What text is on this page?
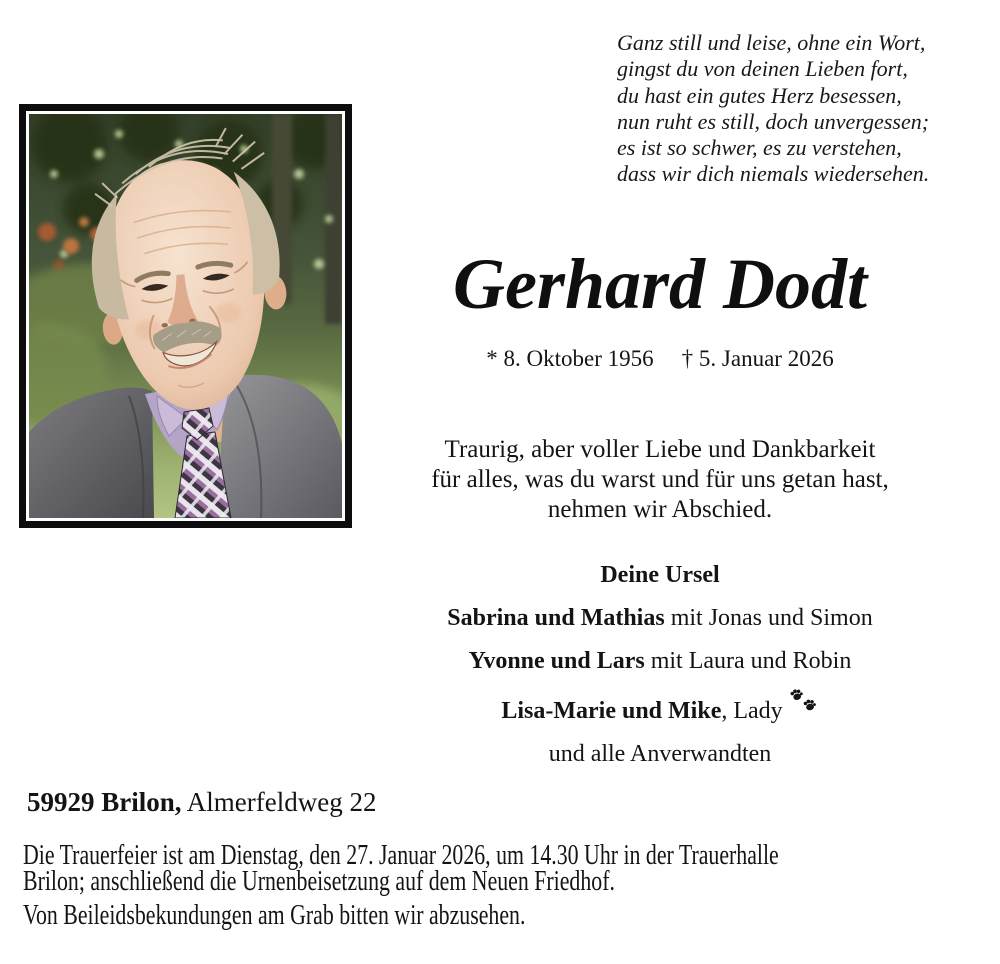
Ganz still und leise, ohne ein Wort,
gingst du von deinen Lieben fort,
du hast ein gutes Herz besessen,
nun ruht es still, doch unvergessen;
es ist so schwer, es zu verstehen,
dass wir dich niemals wiedersehen.
Gerhard Dodt
* 8. Oktober 1956 † 5. Januar 2026
Traurig, aber voller Liebe und Dankbarkeit
für alles, was du warst und für uns getan hast,
nehmen wir Abschied.
Deine Ursel
Sabrina und Mathias mit Jonas und Simon
Yvonne und Lars mit Laura und Robin
Lisa-Marie und Mike, Lady
und alle Anverwandten
59929 Brilon, Almerfeldweg 22
Die Trauerfeier ist am Dienstag, den 27. Januar 2026, um 14.30 Uhr in der Trauerhalle
Brilon; anschließend die Urnenbeisetzung auf dem Neuen Friedhof.
Von Beileidsbekundungen am Grab bitten wir abzusehen.
